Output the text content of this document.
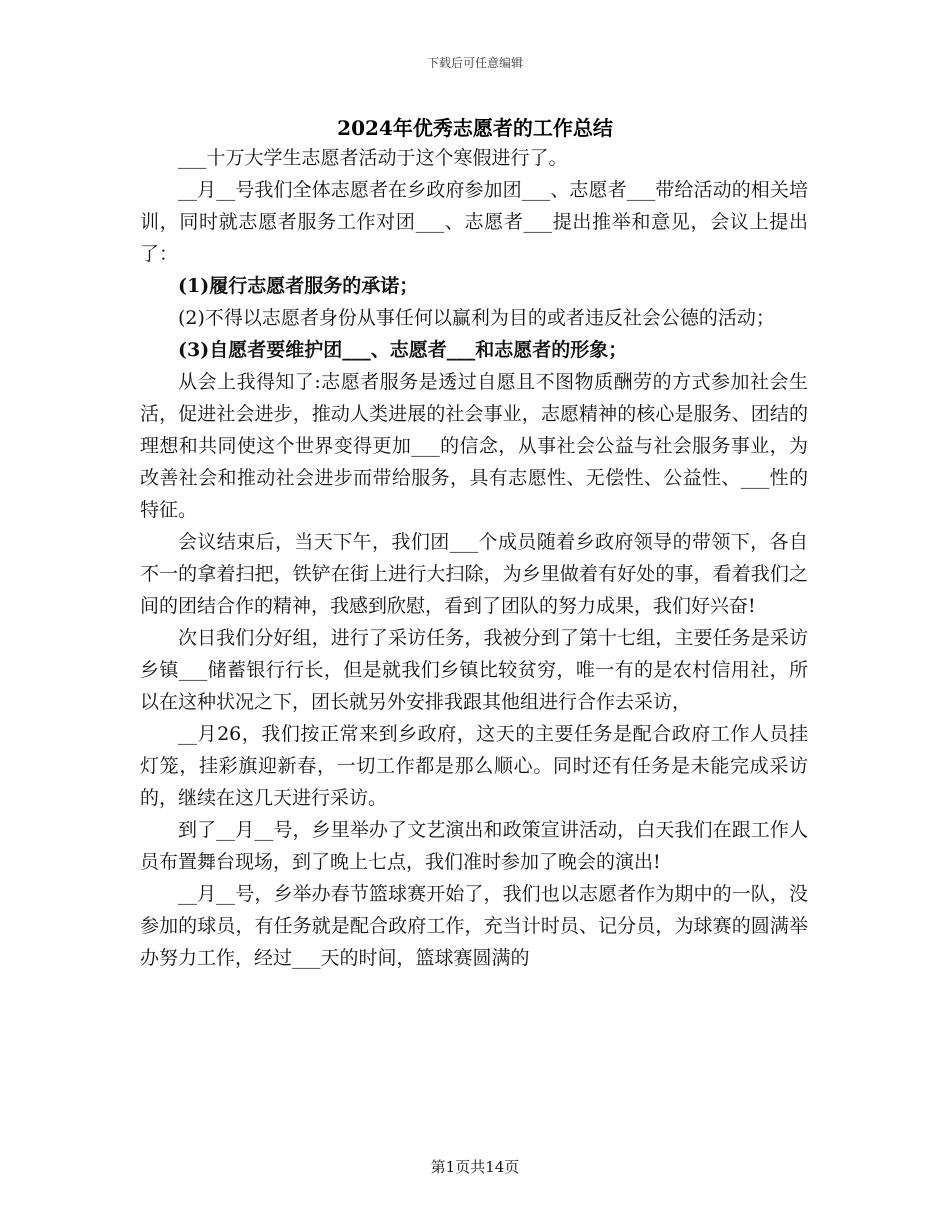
下载后可任意编辑
2024年优秀志愿者的工作总结

___十万大学生志愿者活动于这个寒假进行了。

__月__号我们全体志愿者在乡政府参加团___、志愿者___带给活动的相关培训，同时就志愿者服务工作对团___、志愿者___提出推举和意见，会议上提出了：

(1)履行志愿者服务的承诺；

(2)不得以志愿者身份从事任何以赢利为目的或者违反社会公德的活动；

(3)自愿者要维护团___、志愿者___和志愿者的形象；

从会上我得知了:志愿者服务是透过自愿且不图物质酬劳的方式参加社会生活，促进社会进步，推动人类进展的社会事业，志愿精神的核心是服务、团结的理想和共同使这个世界变得更加___的信念，从事社会公益与社会服务事业，为改善社会和推动社会进步而带给服务，具有志愿性、无偿性、公益性、___性的特征。

会议结束后，当天下午，我们团___个成员随着乡政府领导的带领下，各自不一的拿着扫把，铁铲在街上进行大扫除，为乡里做着有好处的事，看着我们之间的团结合作的精神，我感到欣慰，看到了团队的努力成果，我们好兴奋!

次日我们分好组，进行了采访任务，我被分到了第十七组，主要任务是采访乡镇___储蓄银行行长，但是就我们乡镇比较贫穷，唯一有的是农村信用社，所以在这种状况之下，团长就另外安排我跟其他组进行合作去采访，

__月26，我们按正常来到乡政府，这天的主要任务是配合政府工作人员挂灯笼，挂彩旗迎新春，一切工作都是那么顺心。同时还有任务是未能完成采访的，继续在这几天进行采访。

到了__月__号，乡里举办了文艺演出和政策宣讲活动，白天我们在跟工作人员布置舞台现场，到了晚上七点，我们准时参加了晚会的演出!

__月__号，乡举办春节篮球赛开始了，我们也以志愿者作为期中的一队，没参加的球员，有任务就是配合政府工作，充当计时员、记分员，为球赛的圆满举办努力工作，经过___天的时间，篮球赛圆满的

第1页共14页
